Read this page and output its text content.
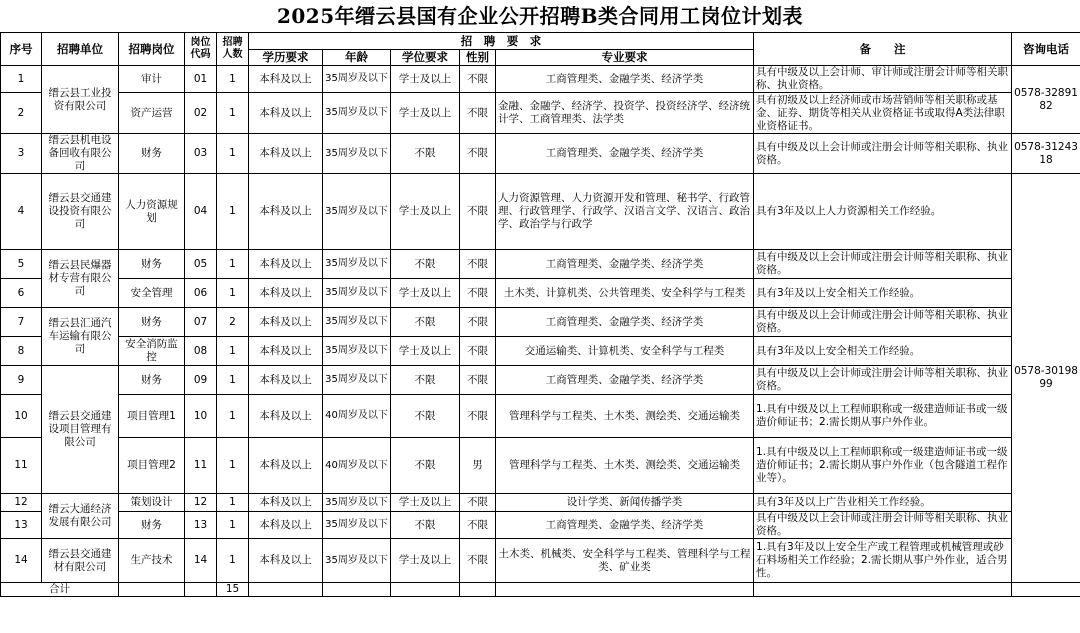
2025年缙云县国有企业公开招聘B类合同用工岗位计划表
序号	招聘单位	招聘岗位	岗位代码	招聘人数	招　聘　要　求					备　　注	咨询电话
					学历要求	年龄	学位要求	性别	专业要求		
1	缙云县工业投资有限公司	审计	01	1	本科及以上	35周岁及以下	学士及以上	不限	工商管理类、金融学类、经济学类	具有中级及以上会计师、审计师或注册会计师等相关职称、执业资格。	0578-3289182
2		资产运营	02	1	本科及以上	35周岁及以下	学士及以上	不限	金融、金融学、经济学、投资学、投资经济学、经济统计学、工商管理类、法学类	具有初级及以上经济师或市场营销师等相关职称或基金、证券、期货等相关从业资格证书或取得A类法律职业资格证书。	
3	缙云县机电设备回收有限公司	财务	03	1	本科及以上	35周岁及以下	不限	不限	工商管理类、金融学类、经济学类	具有中级及以上会计师或注册会计师等相关职称、执业资格。	0578-3124318
4	缙云县交通建设投资有限公司	人力资源规划	04	1	本科及以上	35周岁及以下	学士及以上	不限	人力资源管理、人力资源开发和管理、秘书学、行政管理、行政管理学、行政学、汉语言文学、汉语言、政治学、政治学与行政学	具有3年及以上人力资源相关工作经验。	0578-3019899
5	缙云县民爆器材专营有限公司	财务	05	1	本科及以上	35周岁及以下	不限	不限	工商管理类、金融学类、经济学类	具有中级及以上会计师或注册会计师等相关职称、执业资格。	
6		安全管理	06	1	本科及以上	35周岁及以下	学士及以上	不限	土木类、计算机类、公共管理类、安全科学与工程类	具有3年及以上安全相关工作经验。	
7	缙云县汇通汽车运输有限公司	财务	07	2	本科及以上	35周岁及以下	不限	不限	工商管理类、金融学类、经济学类	具有中级及以上会计师或注册会计师等相关职称、执业资格。	
8		安全消防监控	08	1	本科及以上	35周岁及以下	学士及以上	不限	交通运输类、计算机类、安全科学与工程类	具有3年及以上安全相关工作经验。	
9	缙云县交通建设项目管理有限公司	财务	09	1	本科及以上	35周岁及以下	不限	不限	工商管理类、金融学类、经济学类	具有中级及以上会计师或注册会计师等相关职称、执业资格。	
10		项目管理1	10	1	本科及以上	40周岁及以下	不限	不限	管理科学与工程类、土木类、测绘类、交通运输类	1.具有中级及以上工程师职称或一级建造师证书或一级造价师证书；2.需长期从事户外作业。	
11		项目管理2	11	1	本科及以上	40周岁及以下	不限	男	管理科学与工程类、土木类、测绘类、交通运输类	1.具有中级及以上工程师职称或一级建造师证书或一级造价师证书；2.需长期从事户外作业（包含隧道工程作业等）。	
12	缙云大通经济发展有限公司	策划设计	12	1	本科及以上	35周岁及以下	学士及以上	不限	设计学类、新闻传播学类	具有3年及以上广告业相关工作经验。	
13		财务	13	1	本科及以上	35周岁及以下	不限	不限	工商管理类、金融学类、经济学类	具有中级及以上会计师或注册会计师等相关职称、执业资格。	
14	缙云县交通建材有限公司	生产技术	14	1	本科及以上	35周岁及以下	学士及以上	不限	土木类、机械类、安全科学与工程类、管理科学与工程类、矿业类	1.具有3年及以上安全生产或工程管理或机械管理或砂石料场相关工作经验；2.需长期从事户外作业，适合男性。	
合计				15							
